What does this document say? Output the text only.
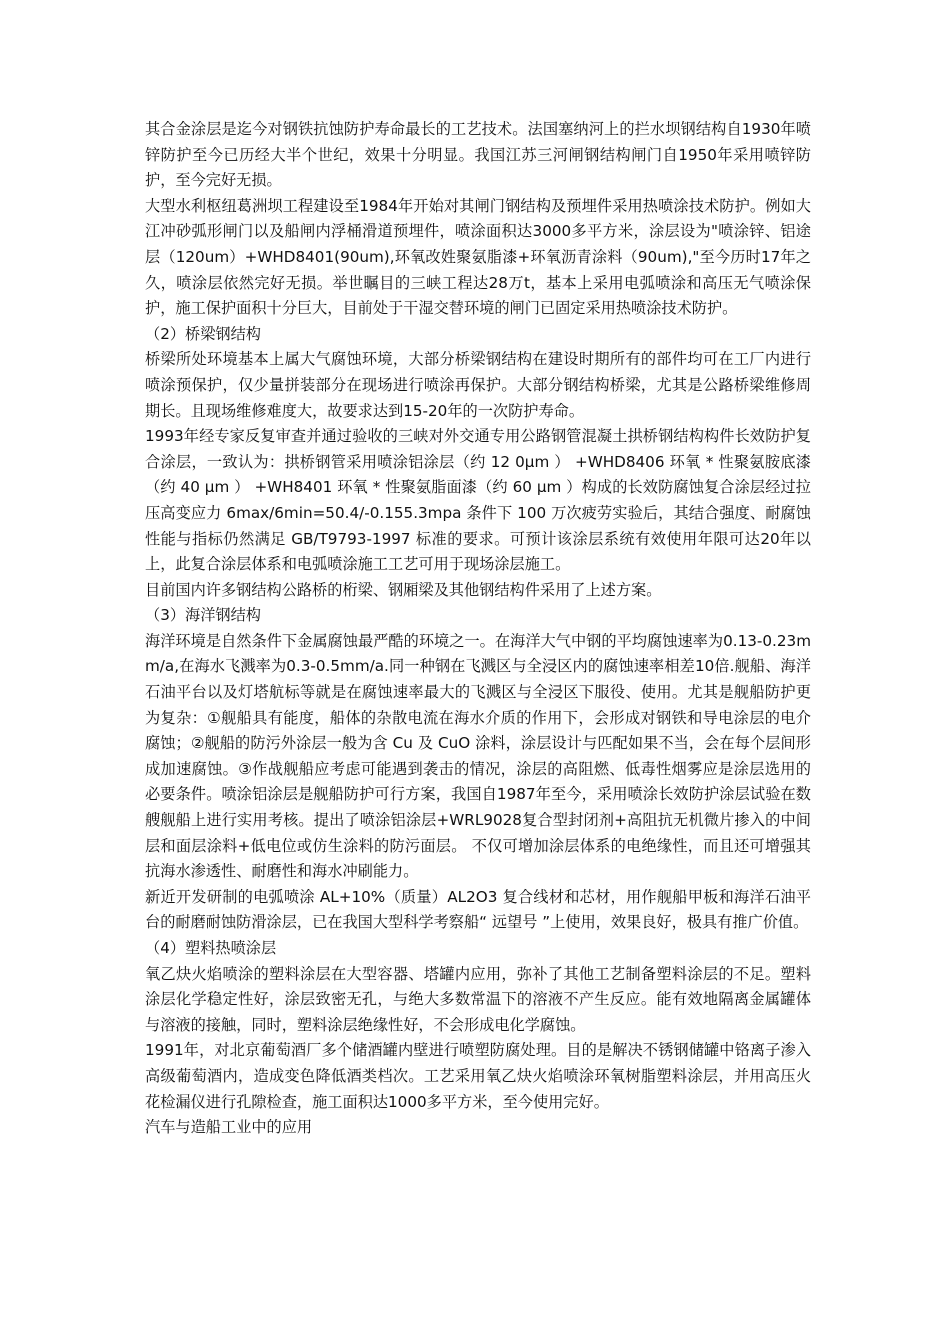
其合金涂层是迄今对钢铁抗蚀防护寿命最长的工艺技术。法国塞纳河上的拦水坝钢结构自1930年喷锌防护至今已历经大半个世纪，效果十分明显。我国江苏三河闸钢结构闸门自1950年采用喷锌防护，至今完好无损。

大型水利枢纽葛洲坝工程建设至1984年开始对其闸门钢结构及预埋件采用热喷涂技术防护。例如大江冲砂弧形闸门以及船闸内浮桶滑道预埋件，喷涂面积达3000多平方米，涂层设为"喷涂锌、铝途层（120um）+WHD8401(90um),环氧改姓聚氨脂漆+环氧沥青涂料（90um),"至今历时17年之久，喷涂层依然完好无损。举世瞩目的三峡工程达28万t，基本上采用电弧喷涂和高压无气喷涂保护，施工保护面积十分巨大，目前处于干湿交替环境的闸门已固定采用热喷涂技术防护。

（2）桥梁钢结构

桥梁所处环境基本上属大气腐蚀环境，大部分桥梁钢结构在建设时期所有的部件均可在工厂内进行喷涂预保护，仅少量拼装部分在现场进行喷涂再保护。大部分钢结构桥梁，尤其是公路桥梁维修周期长。且现场维修难度大，故要求达到15-20年的一次防护寿命。

1993年经专家反复审查并通过验收的三峡对外交通专用公路钢管混凝土拱桥钢结构构件长效防护复合涂层，一致认为：拱桥钢管采用喷涂铝涂层（约 12 0μm ） +WHD8406 环氧 * 性聚氨胺底漆（约 40 μm ） +WH8401 环氧 * 性聚氨脂面漆（约 60 μm ）构成的长效防腐蚀复合涂层经过拉压高变应力 6max/6min=50.4/-0.155.3mpa 条件下 100 万次疲劳实验后，其结合强度、耐腐蚀性能与指标仍然满足 GB/T9793-1997 标准的要求。可预计该涂层系统有效使用年限可达20年以上，此复合涂层体系和电弧喷涂施工工艺可用于现场涂层施工。

目前国内许多钢结构公路桥的桁梁、钢厢梁及其他钢结构件采用了上述方案。

（3）海洋钢结构

海洋环境是自然条件下金属腐蚀最严酷的环境之一。在海洋大气中钢的平均腐蚀速率为0.13-0.23mm/a,在海水飞溅率为0.3-0.5mm/a.同一种钢在飞溅区与全浸区内的腐蚀速率相差10倍.舰船、海洋石油平台以及灯塔航标等就是在腐蚀速率最大的飞溅区与全浸区下服役、使用。尤其是舰船防护更为复杂：①舰船具有能度，船体的杂散电流在海水介质的作用下，会形成对钢铁和导电涂层的电介腐蚀；②舰船的防污外涂层一般为含 Cu 及 CuO 涂料，涂层设计与匹配如果不当，会在每个层间形成加速腐蚀。③作战舰船应考虑可能遇到袭击的情况，涂层的高阻燃、低毒性烟雾应是涂层选用的必要条件。喷涂铝涂层是舰船防护可行方案，我国自1987年至今，采用喷涂长效防护涂层试验在数艘舰船上进行实用考核。提出了喷涂铝涂层+WRL9028复合型封闭剂+高阻抗无机微片掺入的中间层和面层涂料+低电位或仿生涂料的防污面层。 不仅可增加涂层体系的电绝缘性，而且还可增强其抗海水渗透性、耐磨性和海水冲刷能力。

新近开发研制的电弧喷涂 AL+10%（质量）AL2O3 复合线材和芯材，用作舰船甲板和海洋石油平台的耐磨耐蚀防滑涂层，已在我国大型科学考察船“ 远望号 ”上使用，效果良好，极具有推广价值。

（4）塑料热喷涂层

氧乙炔火焰喷涂的塑料涂层在大型容器、塔罐内应用，弥补了其他工艺制备塑料涂层的不足。塑料涂层化学稳定性好，涂层致密无孔，与绝大多数常温下的溶液不产生反应。能有效地隔离金属罐体与溶液的接触，同时，塑料涂层绝缘性好，不会形成电化学腐蚀。

1991年，对北京葡萄酒厂多个储酒罐内壁进行喷塑防腐处理。目的是解决不锈钢储罐中铬离子渗入高级葡萄酒内，造成变色降低酒类档次。工艺采用氧乙炔火焰喷涂环氧树脂塑料涂层，并用高压火花检漏仪进行孔隙检查，施工面积达1000多平方米，至今使用完好。

汽车与造船工业中的应用
